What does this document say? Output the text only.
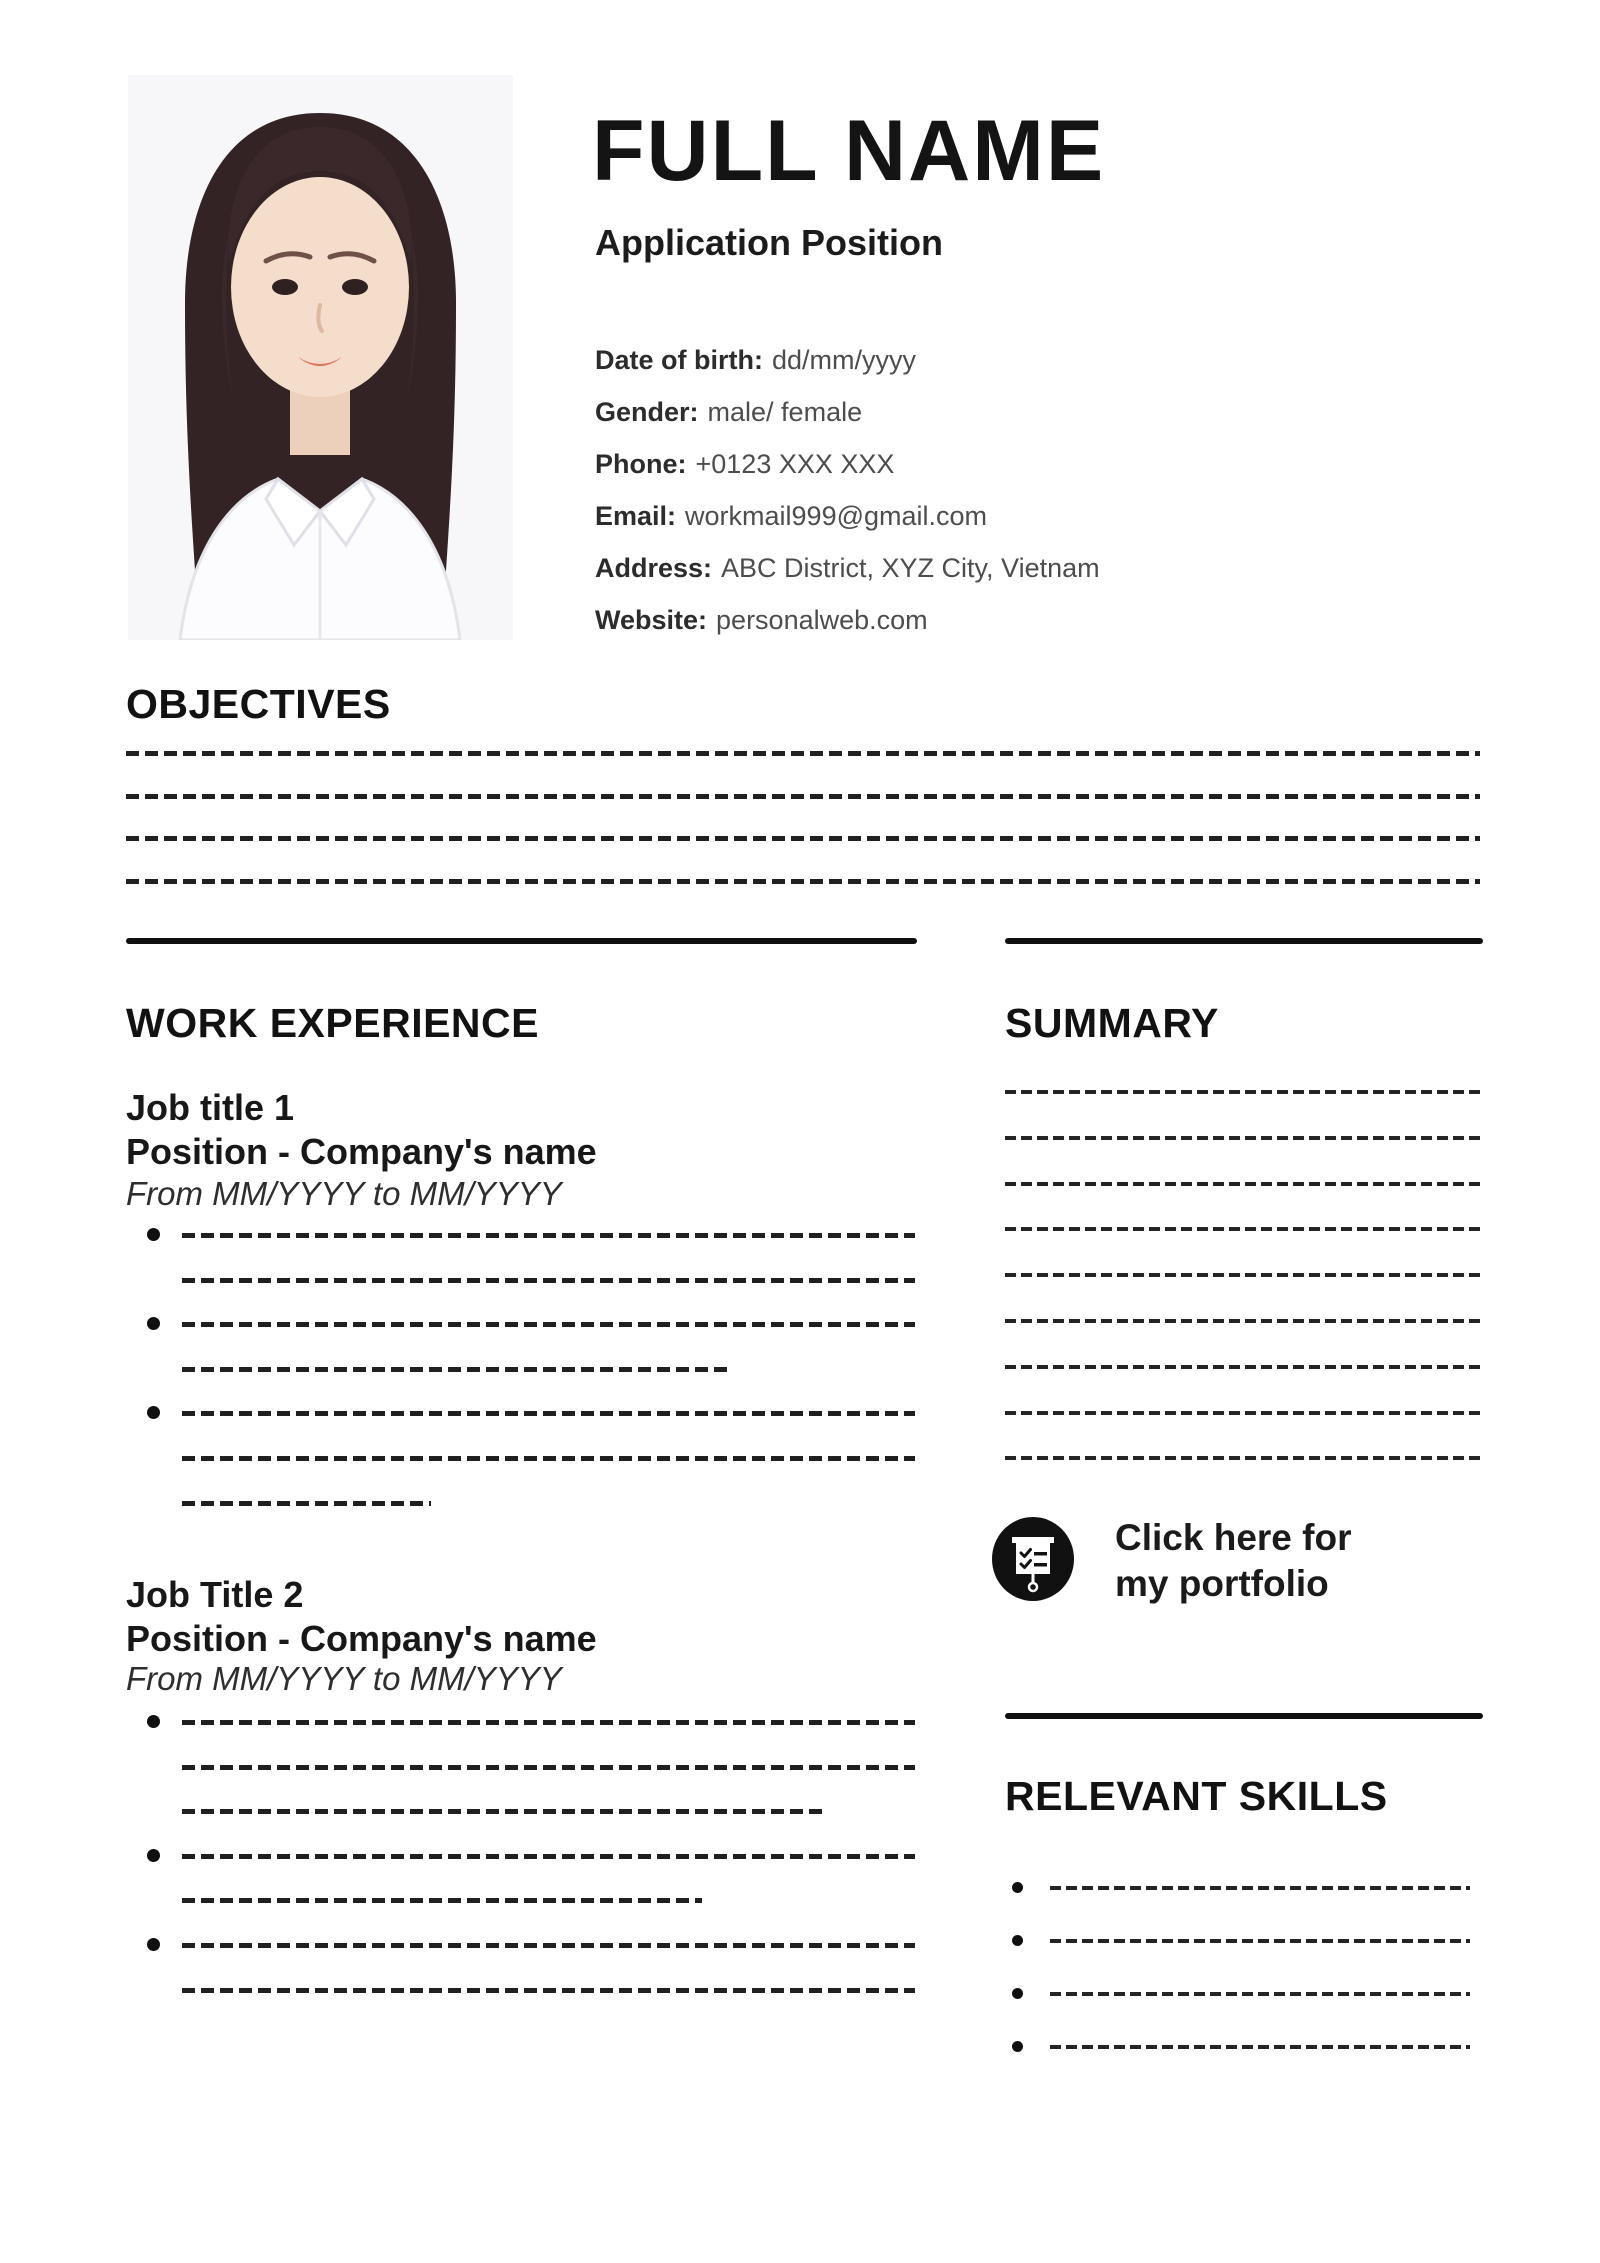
FULL NAME
Application Position
Date of birth: dd/mm/yyyy
Gender: male/ female
Phone: +0123 XXX XXX
Email: workmail999@gmail.com
Address: ABC District, XYZ City, Vietnam
Website: personalweb.com
OBJECTIVES
WORK EXPERIENCE
Job title 1
Position - Company's name
From MM/YYYY to MM/YYYY
Job Title 2
Position - Company's name
From MM/YYYY to MM/YYYY
SUMMARY
Click here for
my portfolio
RELEVANT SKILLS
